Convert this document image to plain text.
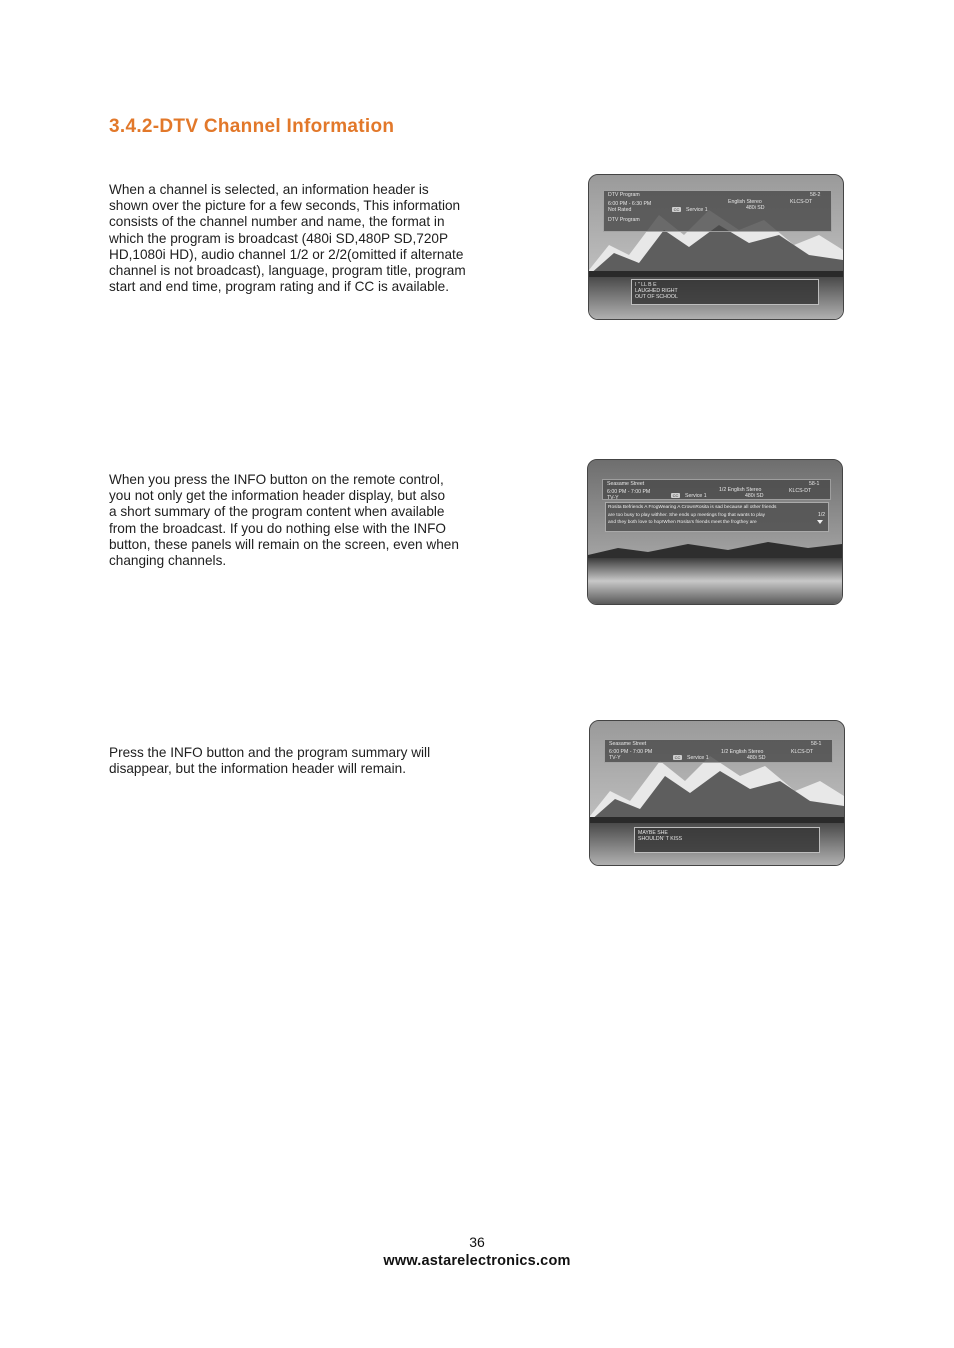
3.4.2-DTV Channel Information

When a channel is selected, an information header is

shown over the picture for a few seconds, This information

consists of the channel number and name, the format in

which the program is broadcast (480i SD,480P SD,720P

HD,1080i HD), audio channel 1/2 or 2/2(omitted if alternate

channel is not broadcast), language, program title, program

start and end time, program rating and if CC is available.

When you press the INFO button on the remote control,

you not only get the information header display, but also

a short summary of the program content when available

from the broadcast. If you do nothing else with the INFO

button, these panels will remain on the screen, even when

changing channels.

Press the INFO button and the program summary will

disappear, but the information header will remain.

DTV Program	58-2
6:00 PM - 6:30 PM
Not Rated	CC	Service 1
English Stereo
480i SD
KLCS-DT
DTV Program

I " LL B E

LAUGHED RIGHT

OUT OF SCHOOL

Seasame Street	58-1
6:00 PM - 7:00 PM
TV-Y	CC	Service 1
1/2 English Stereo
480i SD
KLCS-DT

Rosita Befriends A FrogWearing A CrownRosita is sad because all other friends

are too busy to play withher. She ends up meetings frog that wants to play

and they both love to hop!When Rosita's friends meet the frogthey are

1/2
Seasame Street	58-1
6:00 PM - 7:00 PM
TV-Y	CC	Service 1
1/2 English Stereo
480i SD
KLCS-DT

MAYBE SHE

SHOULDN' T KISS

36
www.astarelectronics.com
